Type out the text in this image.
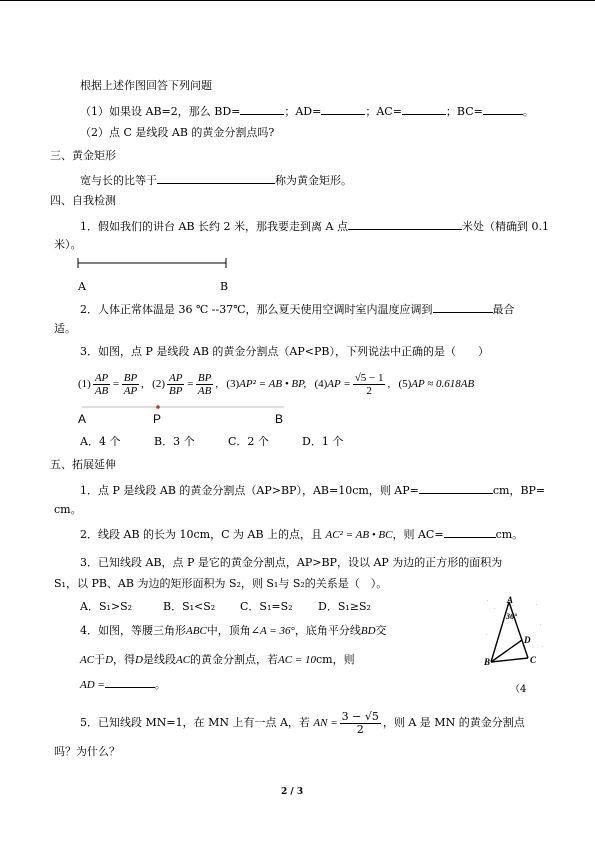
根据上述作图回答下列问题
（1）如果设 AB=2，那么 BD=	；AD=	；AC=	；BC=	。
（2）点 C 是线段 AB 的黄金分割点吗?
三、黄金矩形
宽与长的比等于	称为黄金矩形。
四、自我检测
1．假如我们的讲台 AB 长约 2 米，那我要走到离 A 点	米处（精确到 0.1
米）。
A	B
2．人体正常体温是 36 ℃ --37℃，那么夏天使用空调时室内温度应调到	最合
适。
3．如图，点 P 是线段 AB 的黄金分割点（AP<PB），下列说法中正确的是（　　）
$(1) \frac{AP}{AB} = \frac{BP}{AP}$ ,   $(2) \frac{AP}{BP} = \frac{BP}{AB}$ ,   (3)AP² = AB • BP, $(4)AP = \frac{√5 - 1}{2}$ ,   (5)AP ≈ 0.618AB
A	P	B
A．4 个	B．3 个	C．2 个	D．1 个
五、拓展延伸
1．点 P 是线段 AB 的黄金分割点（AP>BP），AB=10cm，则 AP=	cm，BP=
cm。
2．线段 AB 的长为 10cm，C 为 AB 上的点，且 AC² = AB • BC，则 AC=	cm。
3．已知线段 AB，点 P 是它的黄金分割点，AP>BP，设以 AP 为边的正方形的面积为
S₁，以 PB、AB 为边的矩形面积为 S₂，则 S₁与 S₂的关系是（　）。
A．S₁>S₂	B．S₁<S₂ C．S₁=S₂ D．S₁≥S₂
4．如图，等腰三角形ABC中，顶角∠A = 36°，底角平分线BD交
AC于D，得D是线段AC的黄金分割点，若AC = 10cm，则
AD =	。
A
36°
D
B	C
（4
5．已知线段 MN=1，在 MN 上有一点 A，若 AN = $\frac{3 - √5}{2}$ ，则 A 是 MN 的黄金分割点
吗？为什么？
2 / 3
